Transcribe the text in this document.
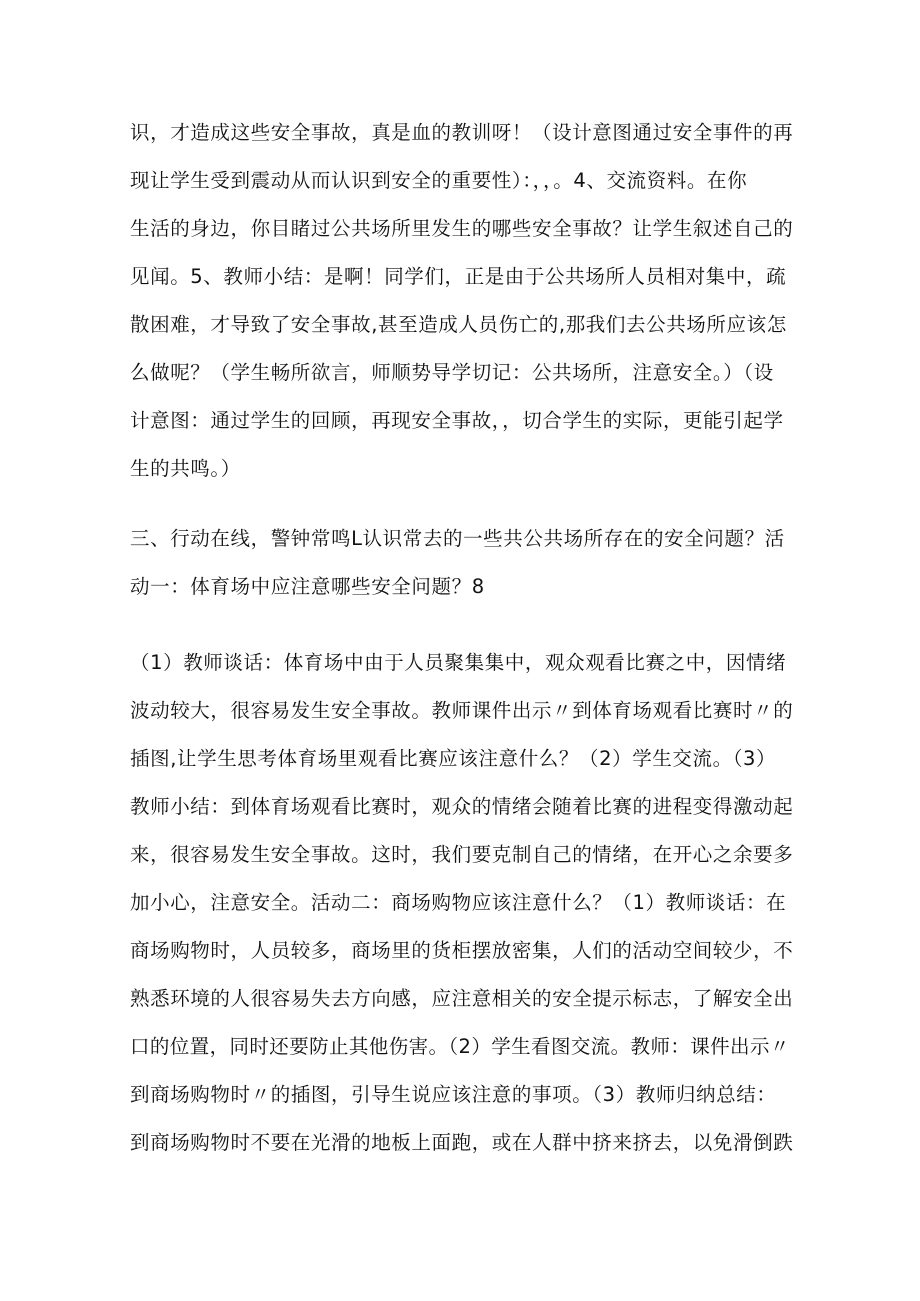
识，才造成这些安全事故，真是血的教训呀！（设计意图通过安全事件的再
现让学生受到震动从而认识到安全的重要性）：，，。4、交流资料。在你
生活的身边，你目睹过公共场所里发生的哪些安全事故？让学生叙述自己的
见闻。5、教师小结：是啊！同学们，正是由于公共场所人员相对集中，疏
散困难，才导致了安全事故,甚至造成人员伤亡的,那我们去公共场所应该怎
么做呢？（学生畅所欲言，师顺势导学切记：公共场所，注意安全。）（设
计意图：通过学生的回顾，再现安全事故，，切合学生的实际，更能引起学
生的共鸣。）
三、行动在线，警钟常鸣L认识常去的一些共公共场所存在的安全问题？活
动一：体育场中应注意哪些安全问题？8
（1）教师谈话：体育场中由于人员聚集集中，观众观看比赛之中，因情绪
波动较大，很容易发生安全事故。教师课件出示〃到体育场观看比赛时〃的
插图,让学生思考体育场里观看比赛应该注意什么？（2）学生交流。（3）
教师小结：到体育场观看比赛时，观众的情绪会随着比赛的进程变得激动起
来，很容易发生安全事故。这时，我们要克制自己的情绪，在开心之余要多
加小心，注意安全。活动二：商场购物应该注意什么？（1）教师谈话：在
商场购物时，人员较多，商场里的货柜摆放密集，人们的活动空间较少，不
熟悉环境的人很容易失去方向感，应注意相关的安全提示标志，了解安全出
口的位置，同时还要防止其他伤害。（2）学生看图交流。教师：课件出示〃
到商场购物时〃的插图，引导生说应该注意的事项。（3）教师归纳总结：
到商场购物时不要在光滑的地板上面跑，或在人群中挤来挤去，以免滑倒跌
